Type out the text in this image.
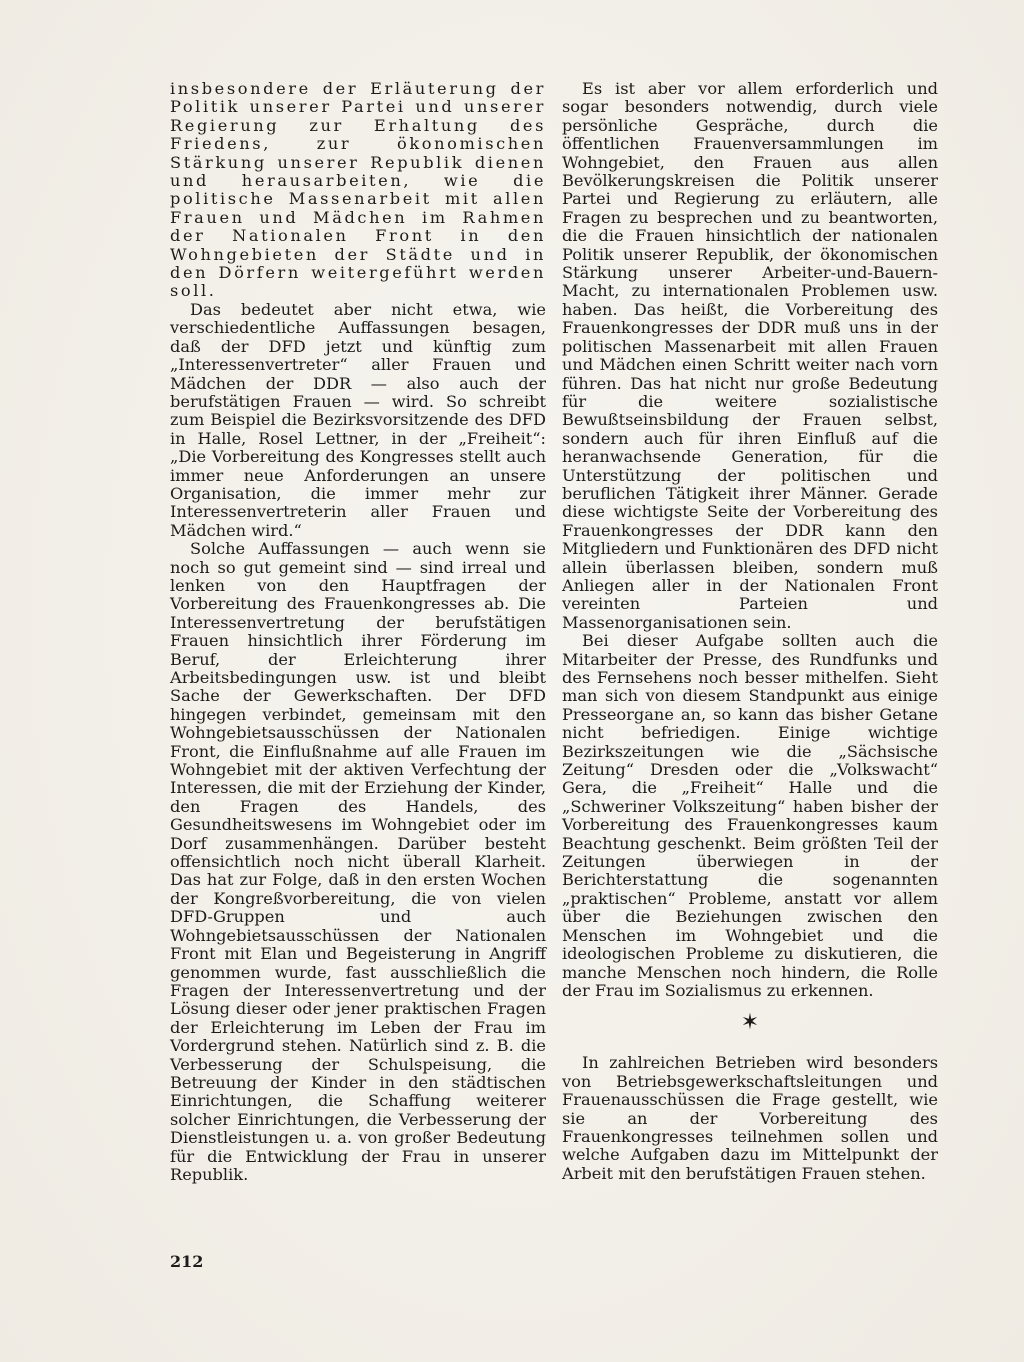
insbesondere der Erläuterung der Politik unserer Partei und unserer Regierung zur Erhaltung des Friedens, zur ökonomischen Stärkung unserer Republik dienen und herausarbeiten, wie die politische Massenarbeit mit allen Frauen und Mädchen im Rahmen der Nationalen Front in den Wohngebieten der Städte und in den Dörfern weitergeführt werden soll.

Das bedeutet aber nicht etwa, wie verschiedentliche Auffassungen besagen, daß der DFD jetzt und künftig zum „Interessenvertreter“ aller Frauen und Mädchen der DDR — also auch der berufstätigen Frauen — wird. So schreibt zum Beispiel die Bezirksvorsitzende des DFD in Halle, Rosel Lettner, in der „Freiheit“: „Die Vorbereitung des Kongresses stellt auch immer neue Anforderungen an unsere Organisation, die immer mehr zur Interessenvertreterin aller Frauen und Mädchen wird.“

Solche Auffassungen — auch wenn sie noch so gut gemeint sind — sind irreal und lenken von den Hauptfragen der Vorbereitung des Frauenkongresses ab. Die Interessenvertretung der berufstätigen Frauen hinsichtlich ihrer Förderung im Beruf, der Erleichterung ihrer Arbeitsbedingungen usw. ist und bleibt Sache der Gewerkschaften. Der DFD hingegen verbindet, gemeinsam mit den Wohngebietsausschüssen der Nationalen Front, die Einflußnahme auf alle Frauen im Wohngebiet mit der aktiven Verfechtung der Interessen, die mit der Erziehung der Kinder, den Fragen des Handels, des Gesundheitswesens im Wohngebiet oder im Dorf zusammenhängen. Darüber besteht offensichtlich noch nicht überall Klarheit. Das hat zur Folge, daß in den ersten Wochen der Kongreßvorbereitung, die von vielen DFD-Gruppen und auch Wohngebietsausschüssen der Nationalen Front mit Elan und Begeisterung in Angriff genommen wurde, fast ausschließlich die Fragen der Interessenvertretung und der Lösung dieser oder jener praktischen Fragen der Erleichterung im Leben der Frau im Vordergrund stehen. Natürlich sind z. B. die Verbesserung der Schulspeisung, die Betreuung der Kinder in den städtischen Einrichtungen, die Schaffung weiterer solcher Einrichtungen, die Verbesserung der Dienstleistungen u. a. von großer Bedeutung für die Entwicklung der Frau in unserer Republik.

Es ist aber vor allem erforderlich und sogar besonders notwendig, durch viele persönliche Gespräche, durch die öffentlichen Frauenversammlungen im Wohngebiet, den Frauen aus allen Bevölkerungskreisen die Politik unserer Partei und Regierung zu erläutern, alle Fragen zu besprechen und zu beantworten, die die Frauen hinsichtlich der nationalen Politik unserer Republik, der ökonomischen Stärkung unserer Arbeiter-und-Bauern-Macht, zu internationalen Problemen usw. haben. Das heißt, die Vorbereitung des Frauenkongresses der DDR muß uns in der politischen Massenarbeit mit allen Frauen und Mädchen einen Schritt weiter nach vorn führen. Das hat nicht nur große Bedeutung für die weitere sozialistische Bewußtseinsbildung der Frauen selbst, sondern auch für ihren Einfluß auf die heranwachsende Generation, für die Unterstützung der politischen und beruflichen Tätigkeit ihrer Männer. Gerade diese wichtigste Seite der Vorbereitung des Frauenkongresses der DDR kann den Mitgliedern und Funktionären des DFD nicht allein überlassen bleiben, sondern muß Anliegen aller in der Nationalen Front vereinten Parteien und Massenorganisationen sein.

Bei dieser Aufgabe sollten auch die Mitarbeiter der Presse, des Rundfunks und des Fernsehens noch besser mithelfen. Sieht man sich von diesem Standpunkt aus einige Presseorgane an, so kann das bisher Getane nicht befriedigen. Einige wichtige Bezirkszeitungen wie die „Sächsische Zeitung“ Dresden oder die „Volkswacht“ Gera, die „Freiheit“ Halle und die „Schweriner Volkszeitung“ haben bisher der Vorbereitung des Frauenkongresses kaum Beachtung geschenkt. Beim größten Teil der Zeitungen überwiegen in der Berichterstattung die sogenannten „praktischen“ Probleme, anstatt vor allem über die Beziehungen zwischen den Menschen im Wohngebiet und die ideologischen Probleme zu diskutieren, die manche Menschen noch hindern, die Rolle der Frau im Sozialismus zu erkennen.

✶

In zahlreichen Betrieben wird besonders von Betriebsgewerkschaftsleitungen und Frauenausschüssen die Frage gestellt, wie sie an der Vorbereitung des Frauenkongresses teilnehmen sollen und welche Aufgaben dazu im Mittelpunkt der Arbeit mit den berufstätigen Frauen stehen.

212
